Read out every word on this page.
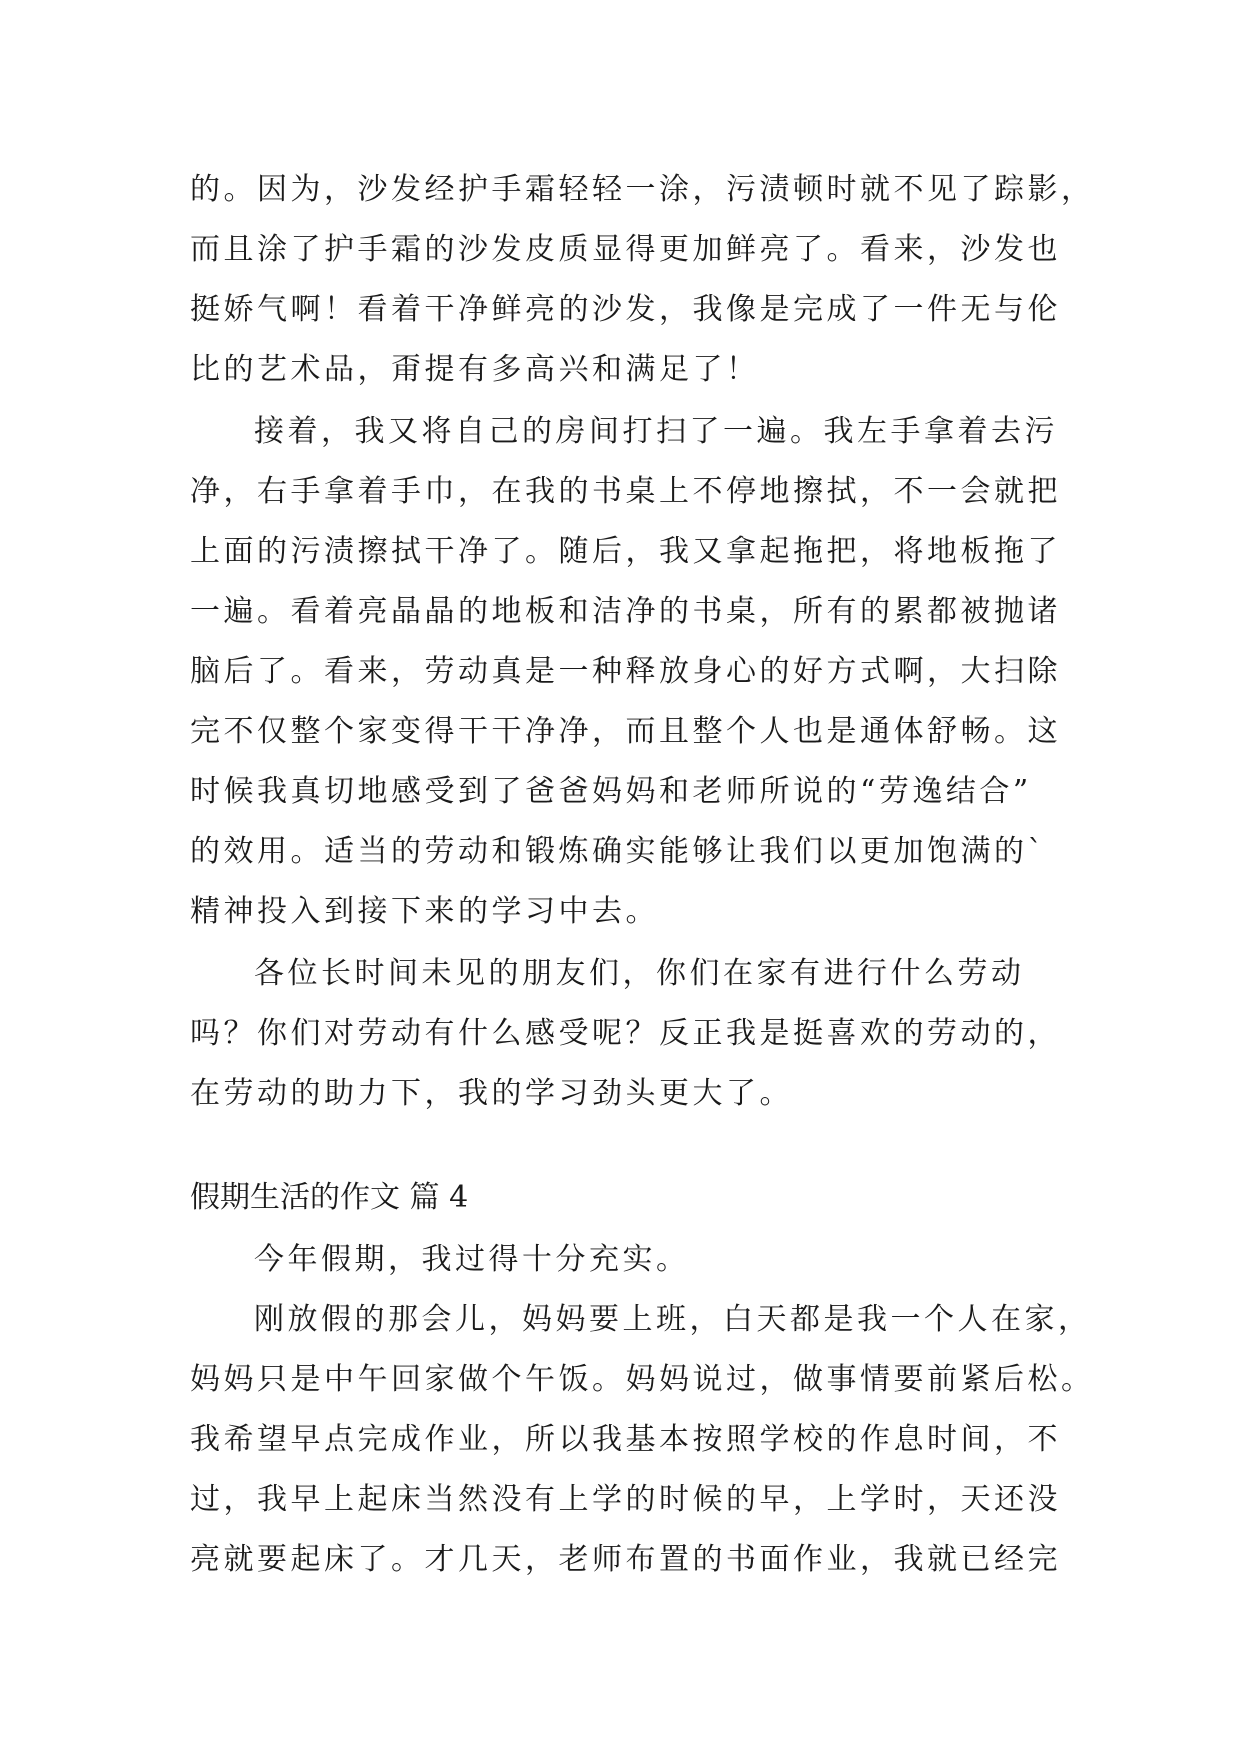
的。因为，沙发经护手霜轻轻一涂，污渍顿时就不见了踪影，
而且涂了护手霜的沙发皮质显得更加鲜亮了。看来，沙发也
挺娇气啊！看着干净鲜亮的沙发，我像是完成了一件无与伦
比的艺术品，甭提有多高兴和满足了！
接着，我又将自己的房间打扫了一遍。我左手拿着去污
净，右手拿着手巾，在我的书桌上不停地擦拭，不一会就把
上面的污渍擦拭干净了。随后，我又拿起拖把，将地板拖了
一遍。看着亮晶晶的地板和洁净的书桌，所有的累都被抛诸
脑后了。看来，劳动真是一种释放身心的好方式啊，大扫除
完不仅整个家变得干干净净，而且整个人也是通体舒畅。这
时候我真切地感受到了爸爸妈妈和老师所说的“劳逸结合”
的效用。适当的劳动和锻炼确实能够让我们以更加饱满的`
精神投入到接下来的学习中去。
各位长时间未见的朋友们，你们在家有进行什么劳动
吗？你们对劳动有什么感受呢？反正我是挺喜欢的劳动的，
在劳动的助力下，我的学习劲头更大了。
假期生活的作文 篇 4
今年假期，我过得十分充实。
刚放假的那会儿，妈妈要上班，白天都是我一个人在家，
妈妈只是中午回家做个午饭。妈妈说过，做事情要前紧后松。
我希望早点完成作业，所以我基本按照学校的作息时间，不
过，我早上起床当然没有上学的时候的早，上学时，天还没
亮就要起床了。才几天，老师布置的书面作业，我就已经完
